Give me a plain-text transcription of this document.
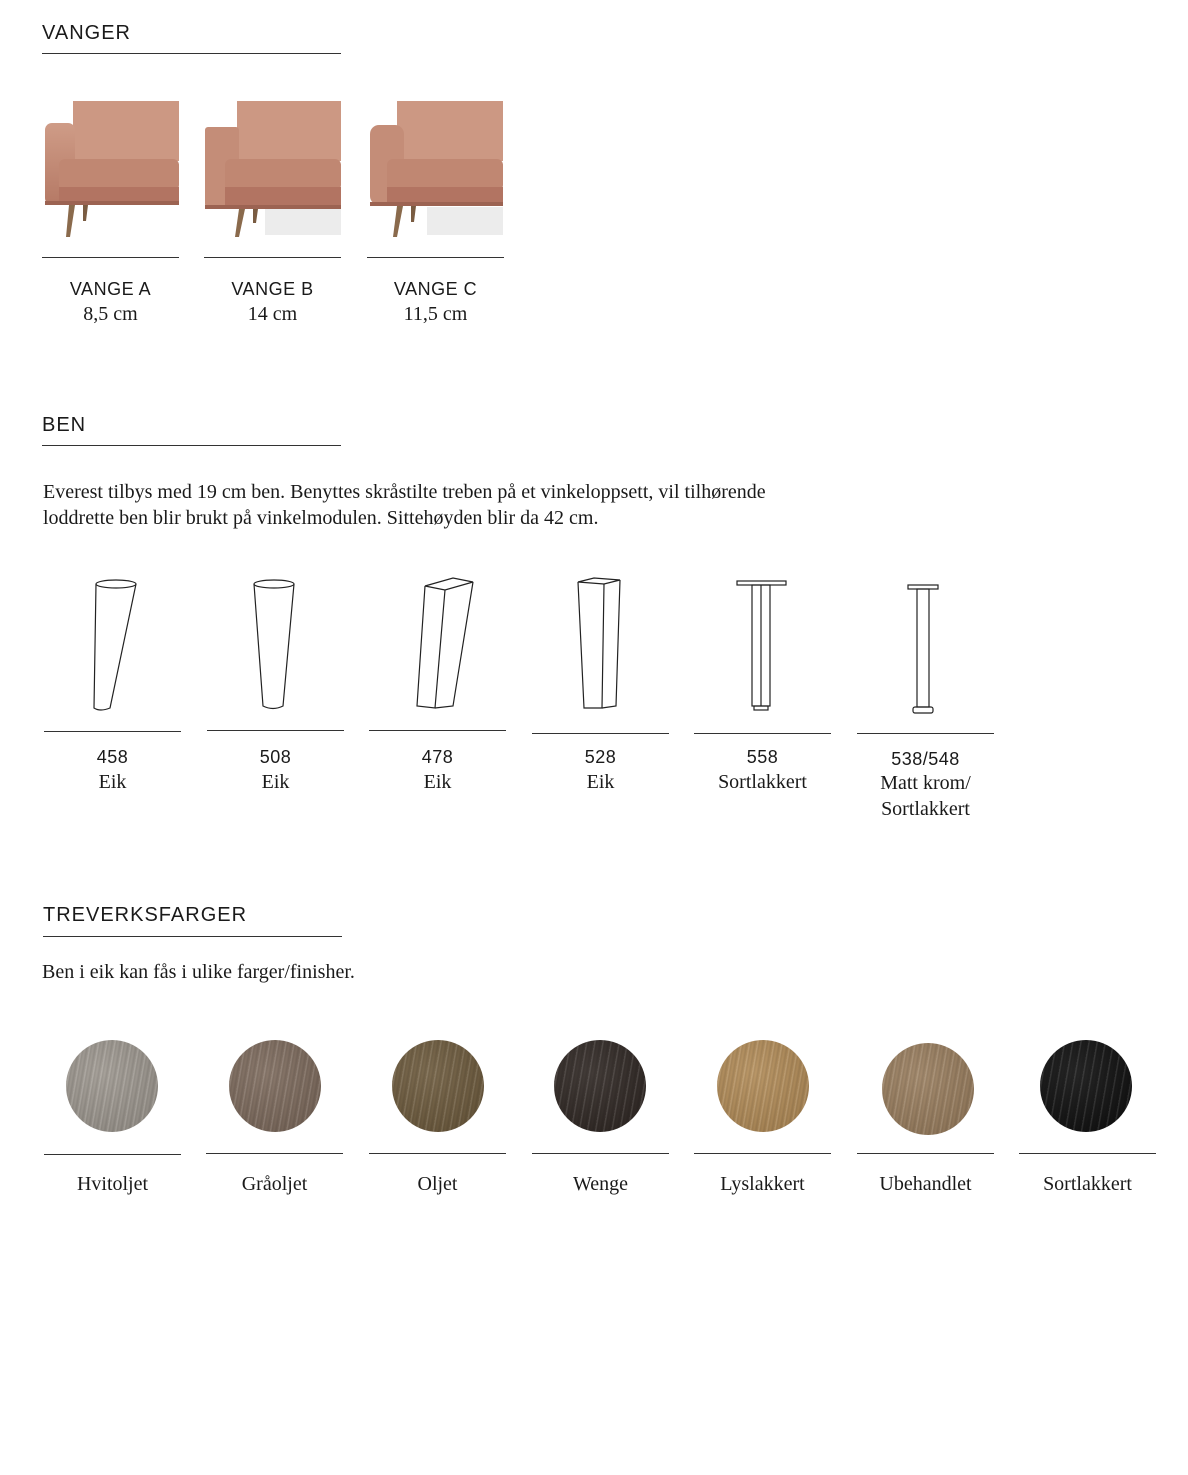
VANGER
VANGE A
8,5 cm
VANGE B
14 cm
VANGE C
11,5 cm
BEN

Everest tilbys med 19 cm ben. Benyttes skråstilte treben på et vinkeloppsett, vil tilhørende

loddrette ben blir brukt på vinkelmodulen. Sittehøyden blir da 42 cm.

458
Eik
508
Eik
478
Eik
528
Eik
558
Sortlakkert
538/548
Matt krom/
Sortlakkert
TREVERKSFARGER

Ben i eik kan fås i ulike farger/finisher.

Hvitoljet	Gråoljet	Oljet	Wenge	Lyslakkert	Ubehandlet	Sortlakkert
